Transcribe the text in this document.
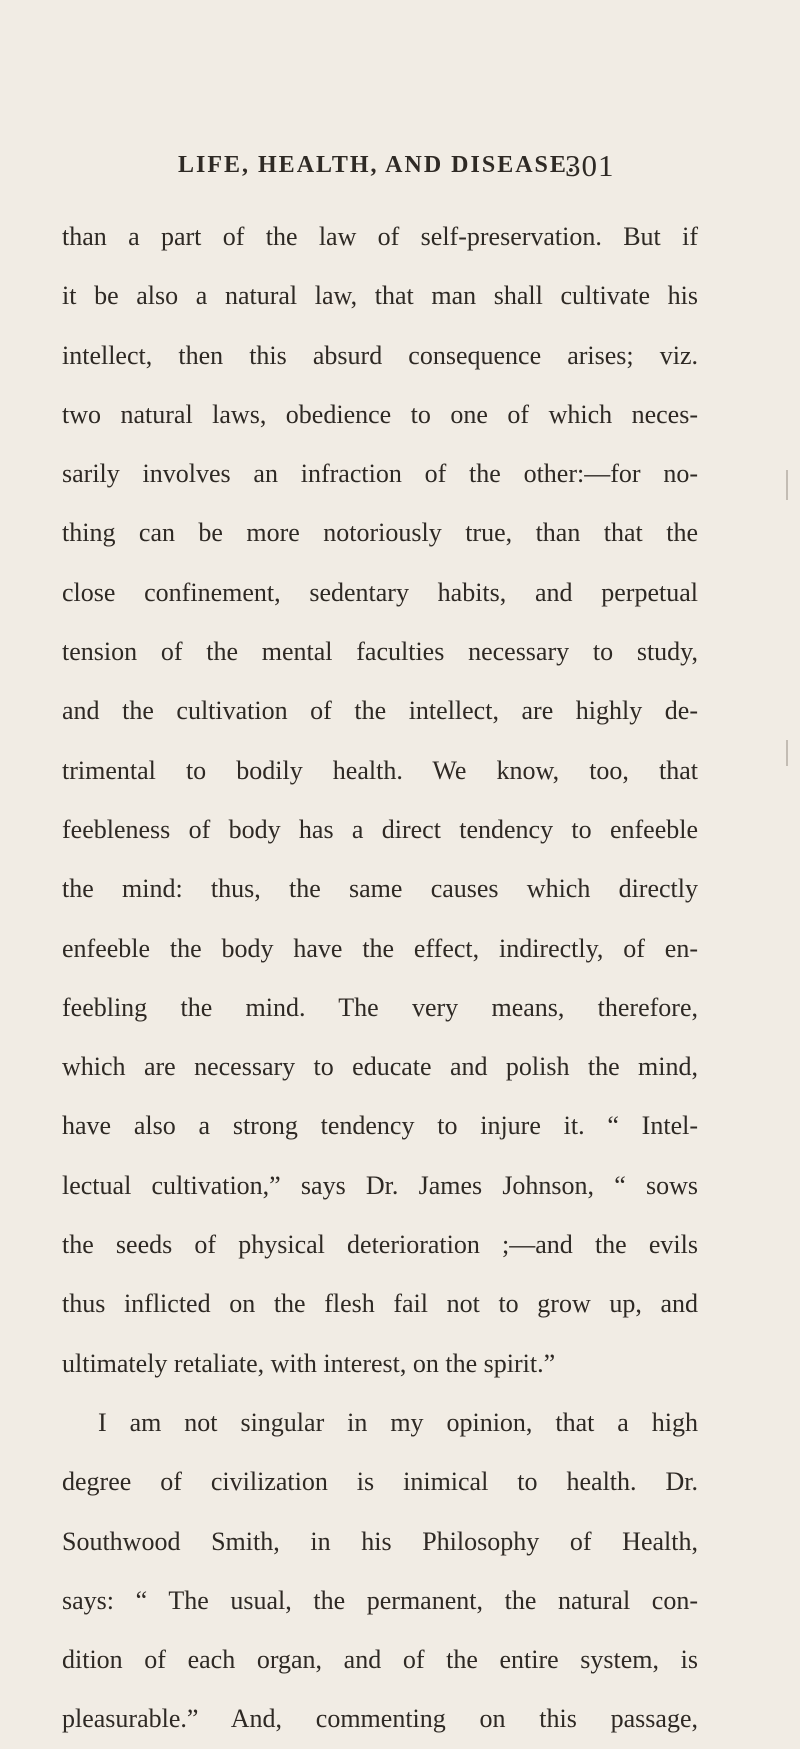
LIFE, HEALTH, AND DISEASE.
301
than a part of the law of self-preservation. But if
it be also a natural law, that man shall cultivate his
intellect, then this absurd consequence arises; viz.
two natural laws, obedience to one of which neces-
sarily involves an infraction of the other:—for no-
thing can be more notoriously true, than that the
close confinement, sedentary habits, and perpetual
tension of the mental faculties necessary to study,
and the cultivation of the intellect, are highly de-
trimental to bodily health. We know, too, that
feebleness of body has a direct tendency to enfeeble
the mind: thus, the same causes which directly
enfeeble the body have the effect, indirectly, of en-
feebling the mind. The very means, therefore,
which are necessary to educate and polish the mind,
have also a strong tendency to injure it. “ Intel-
lectual cultivation,” says Dr. James Johnson, “ sows
the seeds of physical deterioration ;—and the evils
thus inflicted on the flesh fail not to grow up, and
ultimately retaliate, with interest, on the spirit.”
I am not singular in my opinion, that a high
degree of civilization is inimical to health. Dr.
Southwood Smith, in his Philosophy of Health,
says: “ The usual, the permanent, the natural con-
dition of each organ, and of the entire system, is
pleasurable.” And, commenting on this passage,
